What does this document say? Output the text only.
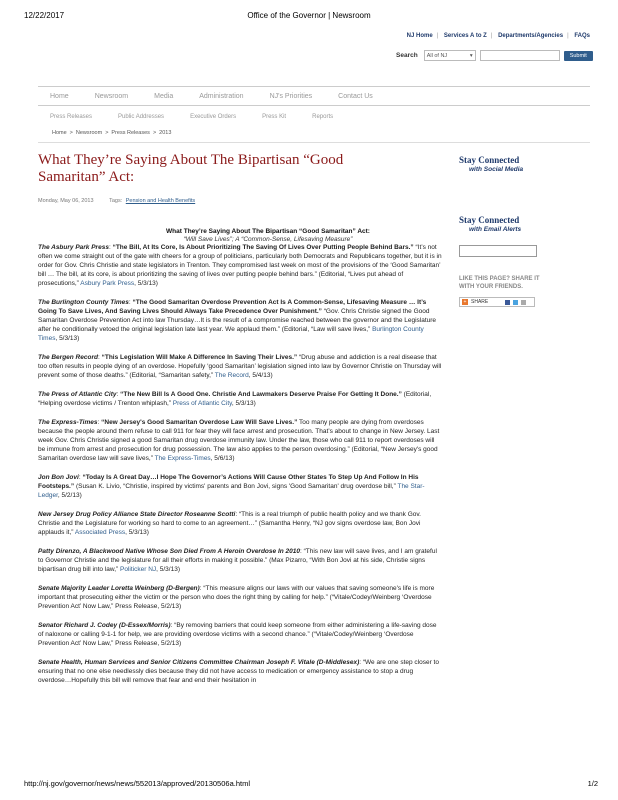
12/22/2017	Office of the Governor | Newsroom
NJ Home | Services A to Z | Departments/Agencies | FAQs
Search All of NJ	▾	Submit
Home	Newsroom	Media	Administration	NJ's Priorities	Contact Us
Press Releases	Public Addresses	Executive Orders	Press Kit	Reports
Home > Newsroom > Press Releases > 2013
What They’re Saying About The Bipartisan “Good Samaritan” Act:
Monday, May 06, 2013	Tags: Pension and Health Benefits
Stay Connected
with Social Media
Stay Connected
with Email Alerts
LIKE THIS PAGE? SHARE IT WITH YOUR FRIENDS.
+ SHARE
What They’re Saying About The Bipartisan “Good Samaritan” Act:
“Will Save Lives”; A “Common-Sense, Lifesaving Measure”
The Asbury Park Press: “The Bill, At Its Core, Is About Prioritizing The Saving Of Lives Over Putting People Behind Bars.” “It’s not often we come straight out of the gate with cheers for a group of politicians, particularly both Democrats and Republicans together, but it is in order for Gov. Chris Christie and state legislators in Trenton. They compromised last week on most of the provisions of the ‘Good Samaritan’ bill … The bill, at its core, is about prioritizing the saving of lives over putting people behind bars.” (Editorial, “Lives put ahead of prosecutions,” Asbury Park Press, 5/3/13)
The Burlington County Times: “The Good Samaritan Overdose Prevention Act Is A Common-Sense, Lifesaving Measure … It’s Going To Save Lives, And Saving Lives Should Always Take Precedence Over Punishment.” “Gov. Chris Christie signed the Good Samaritan Overdose Prevention Act into law Thursday…It is the result of a compromise reached between the governor and the Legislature after he conditionally vetoed the original legislation late last year. We applaud them.” (Editorial, “Law will save lives,” Burlington County Times, 5/3/13)
The Bergen Record: “This Legislation Will Make A Difference In Saving Their Lives.” “Drug abuse and addiction is a real disease that too often results in people dying of an overdose. Hopefully ‘good Samaritan’ legislation signed into law by Governor Christie on Thursday will prevent some of those deaths.” (Editorial, “Samaritan safety,” The Record, 5/4/13)
The Press of Atlantic City: “The New Bill Is A Good One. Christie And Lawmakers Deserve Praise For Getting It Done.” (Editorial, “Helping overdose victims / Trenton whiplash,” Press of Atlantic City, 5/3/13)
The Express-Times: “New Jersey's Good Samaritan Overdose Law Will Save Lives.” Too many people are dying from overdoses because the people around them refuse to call 911 for fear they will face arrest and prosecution. That’s about to change in New Jersey. Last week Gov. Chris Christie signed a good Samaritan drug overdose immunity law. Under the law, those who call 911 to report overdoses will be immune from arrest and prosecution for drug possession. The law also applies to the person overdosing.” (Editorial, “New Jersey's good Samaritan overdose law will save lives,” The Express-Times, 5/6/13)
Jon Bon Jovi: “Today Is A Great Day…I Hope The Governor’s Actions Will Cause Other States To Step Up And Follow In His Footsteps.” (Susan K. Livio, “Christie, inspired by victims' parents and Bon Jovi, signs 'Good Samaritan' drug overdose bill,” The Star-Ledger, 5/2/13)
New Jersey Drug Policy Alliance State Director Roseanne Scotti: “This is a real triumph of public health policy and we thank Gov. Christie and the Legislature for working so hard to come to an agreement…” (Samantha Henry, “NJ gov signs overdose law, Bon Jovi applauds it,” Associated Press, 5/3/13)
Patty Direnzo, A Blackwood Native Whose Son Died From A Heroin Overdose In 2010: “This new law will save lives, and I am grateful to Governor Christie and the legislature for all their efforts in making it possible.” (Max Pizarro, “With Bon Jovi at his side, Christie signs bipartisan drug bill into law,” Politicker NJ, 5/3/13)
Senate Majority Leader Loretta Weinberg (D-Bergen): “This measure aligns our laws with our values that saving someone's life is more important that prosecuting either the victim or the person who does the right thing by calling for help.” (“Vitale/Codey/Weinberg ‘Overdose Prevention Act’ Now Law,” Press Release, 5/2/13)
Senator Richard J. Codey (D-Essex/Morris): “By removing barriers that could keep someone from either administering a life-saving dose of naloxone or calling 9-1-1 for help, we are providing overdose victims with a second chance.” (“Vitale/Codey/Weinberg ‘Overdose Prevention Act’ Now Law,” Press Release, 5/2/13)
Senate Health, Human Services and Senior Citizens Committee Chairman Joseph F. Vitale (D-Middlesex): “We are one step closer to ensuring that no one else needlessly dies because they did not have access to medication or emergency assistance to stop a drug overdose…Hopefully this bill will remove that fear and end their hesitation in
http://nj.gov/governor/news/news/552013/approved/20130506a.html	1/2
